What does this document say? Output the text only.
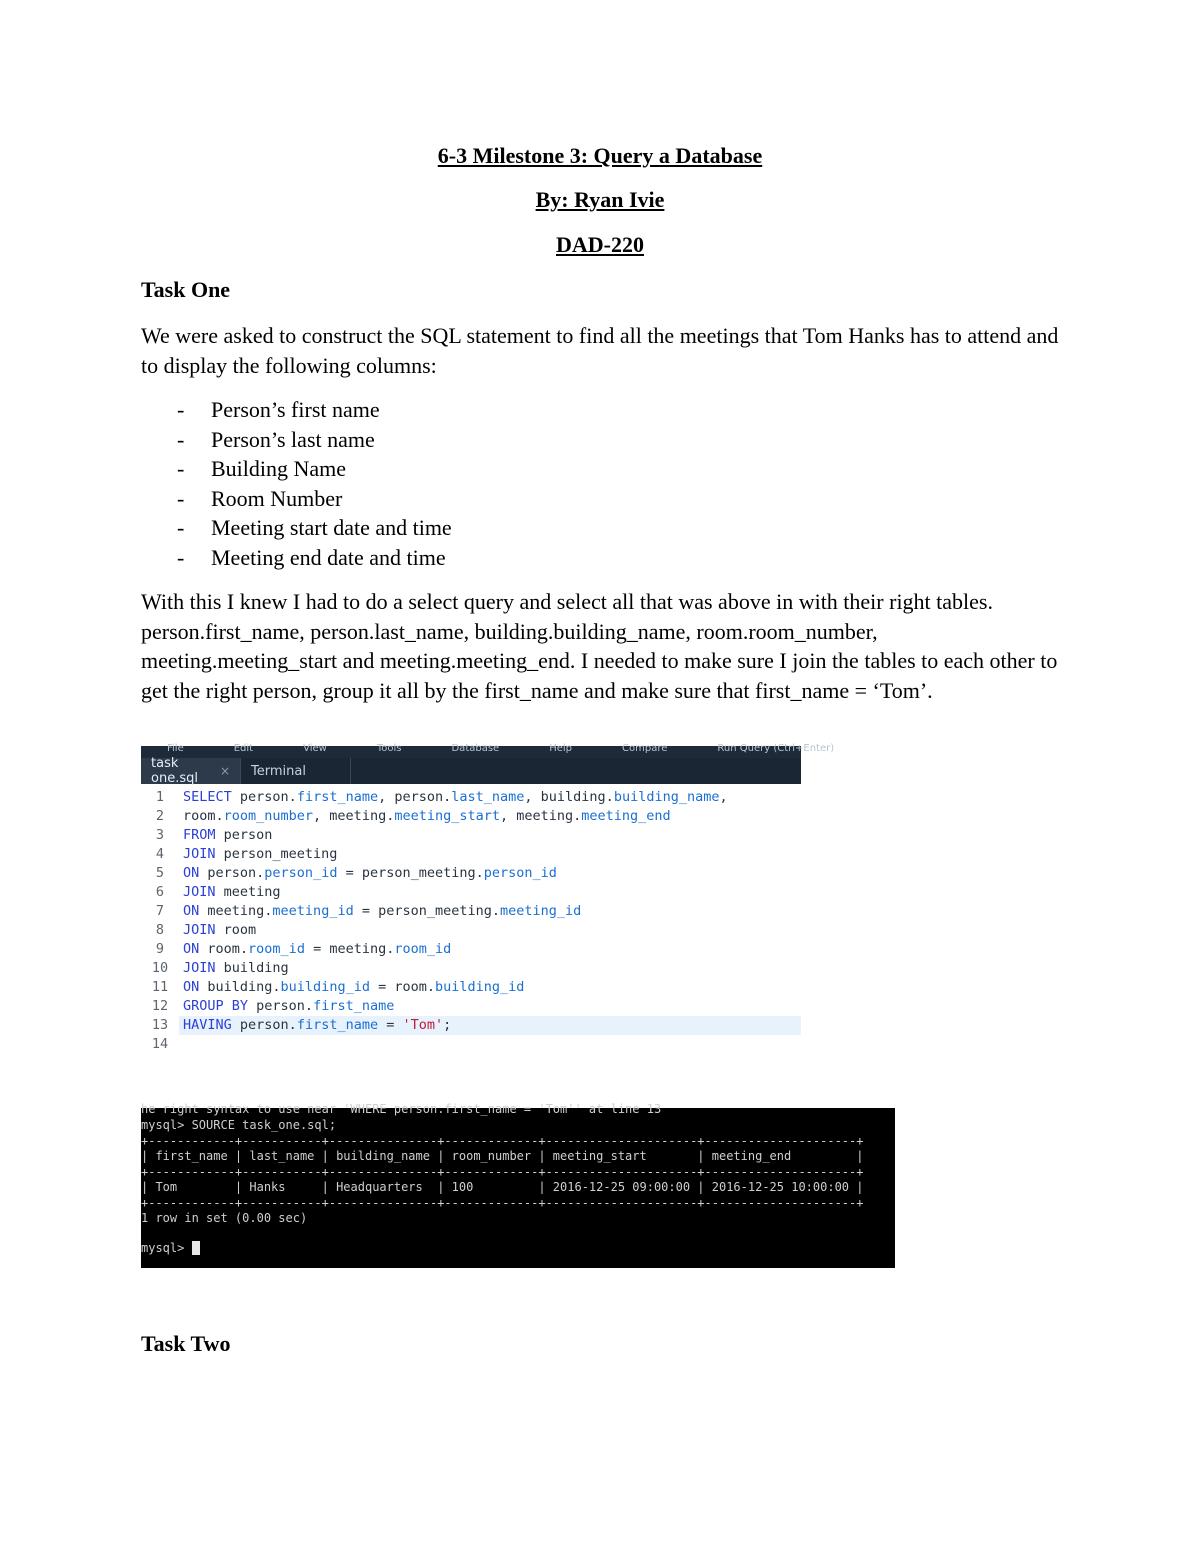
6-3 Milestone 3: Query a Database
By: Ryan Ivie
DAD-220
Task One
We were asked to construct the SQL statement to find all the meetings that Tom Hanks has to attend and to display the following columns:
- Person’s first name
- Person’s last name
- Building Name
- Room Number
- Meeting start date and time
- Meeting end date and time
With this I knew I had to do a select query and select all that was above in with their right tables. person.first_name, person.last_name, building.building_name, room.room_number, meeting.meeting_start and meeting.meeting_end. I needed to make sure I join the tables to each other to get the right person, group it all by the first_name and make sure that first_name = ‘Tom’.
File	Edit	View	Tools	Database	Help	Compare	Run Query (Ctrl+Enter)
task one.sql	× Terminal
1	SELECT person.first_name, person.last_name, building.building_name,
2	room.room_number, meeting.meeting_start, meeting.meeting_end
3	FROM person
4	JOIN person_meeting
5	ON person.person_id = person_meeting.person_id
6	JOIN meeting
7	ON meeting.meeting_id = person_meeting.meeting_id
8	JOIN room
9	ON room.room_id = meeting.room_id
10	JOIN building
11	ON building.building_id = room.building_id
12	GROUP BY person.first_name
13	HAVING person.first_name = 'Tom';
14
he right syntax to use near 'WHERE person.first_name = 'Tom'' at line 13
mysql> SOURCE task_one.sql;
+------------+-----------+---------------+-------------+---------------------+---------------------+
| first_name | last_name | building_name | room_number | meeting_start       | meeting_end         |
+------------+-----------+---------------+-------------+---------------------+---------------------+
| Tom        | Hanks     | Headquarters  | 100         | 2016-12-25 09:00:00 | 2016-12-25 10:00:00 |
+------------+-----------+---------------+-------------+---------------------+---------------------+
1 row in set (0.00 sec)
mysql>
Task Two
